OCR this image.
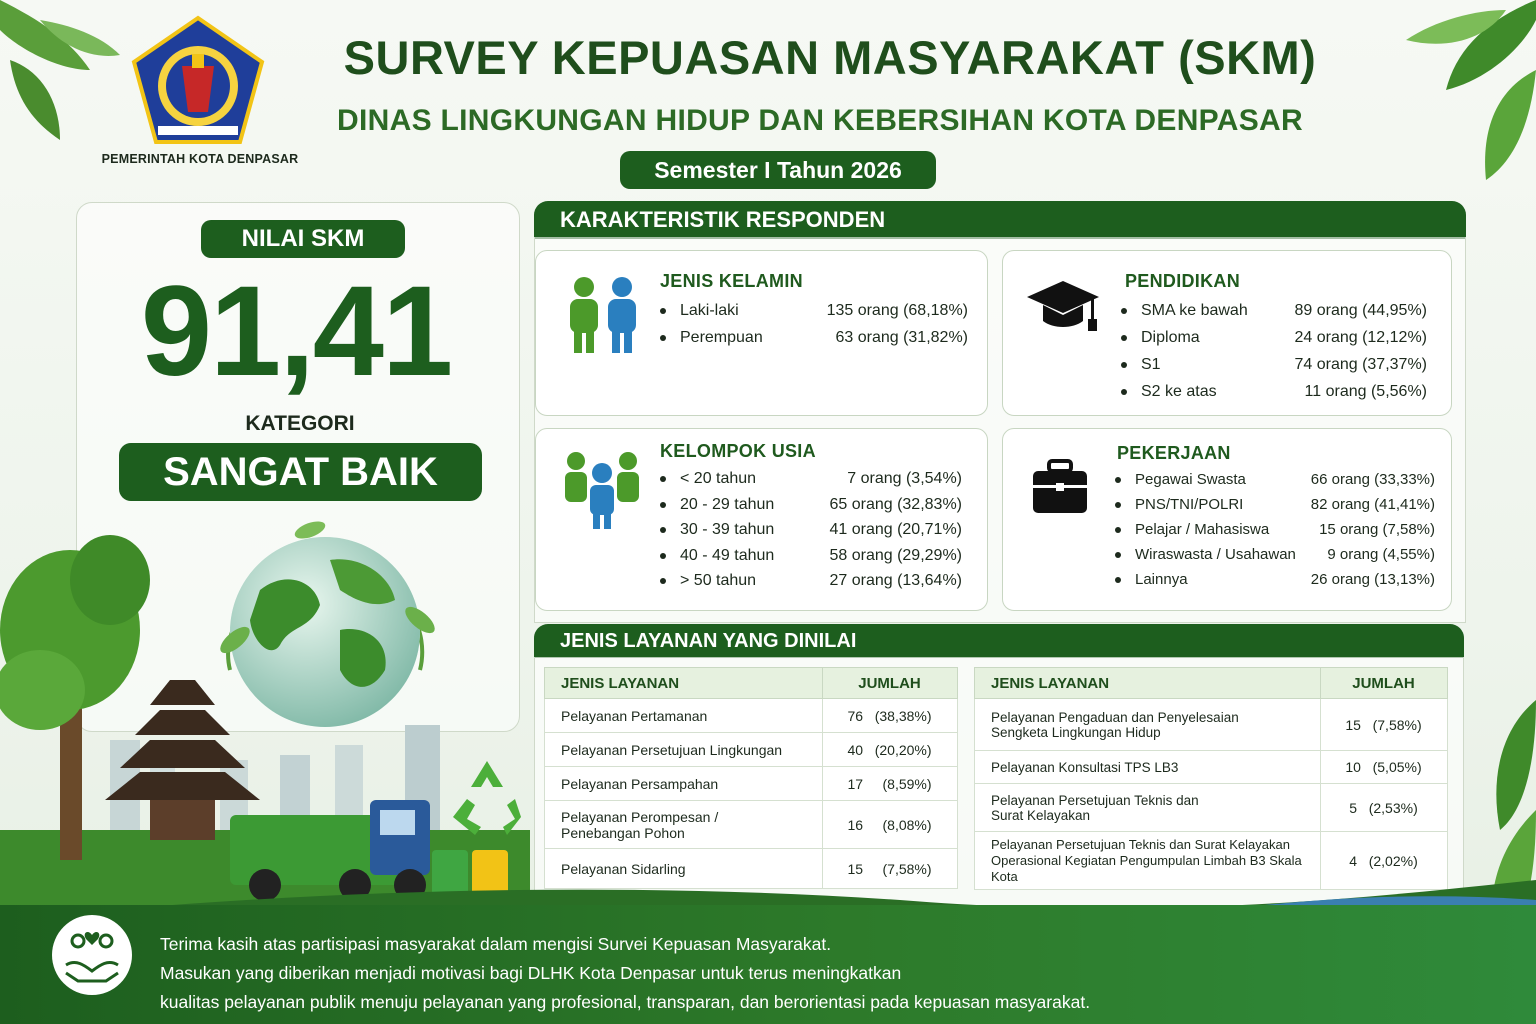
PEMERINTAH KOTA DENPASAR
SURVEY KEPUASAN MASYARAKAT (SKM)
DINAS LINGKUNGAN HIDUP DAN KEBERSIHAN KOTA DENPASAR
Semester I Tahun 2026
NILAI SKM
91,41
KATEGORI
SANGAT BAIK
KARAKTERISTIK RESPONDEN
JENIS KELAMIN
Laki-laki	135 orang (68,18%)
Perempuan	63 orang (31,82%)
PENDIDIKAN
SMA ke bawah	89 orang (44,95%)
Diploma	24 orang (12,12%)
S1	74 orang (37,37%)
S2 ke atas	11 orang (5,56%)
KELOMPOK USIA
< 20 tahun	7 orang (3,54%)
20 - 29 tahun	65 orang (32,83%)
30 - 39 tahun	41 orang (20,71%)
40 - 49 tahun	58 orang (29,29%)
> 50 tahun	27 orang (13,64%)
PEKERJAAN
Pegawai Swasta	66 orang (33,33%)
PNS/TNI/POLRI	82 orang (41,41%)
Pelajar / Mahasiswa	15 orang (7,58%)
Wiraswasta / Usahawan 9 orang (4,55%)
Lainnya	26 orang (13,13%)
JENIS LAYANAN YANG DINILAI
JENIS LAYANAN	JUMLAH
Pelayanan Pertamanan	76   (38,38%)
Pelayanan Persetujuan Lingkungan	40   (20,20%)
Pelayanan Persampahan	17     (8,59%)
Pelayanan Perompesan / Penebangan Pohon	16     (8,08%)
Pelayanan Sidarling	15     (7,58%)
JENIS LAYANAN	JUMLAH
Pelayanan Pengaduan dan Penyelesaian Sengketa Lingkungan Hidup	15   (7,58%)
Pelayanan Konsultasi TPS LB3	10   (5,05%)
Pelayanan Persetujuan Teknis dan Surat Kelayakan	5   (2,53%)
Pelayanan Persetujuan Teknis dan Surat Kelayakan Operasional Kegiatan Pengumpulan Limbah B3 Skala Kota	4   (2,02%)
Terima kasih atas partisipasi masyarakat dalam mengisi Survei Kepuasan Masyarakat.
Masukan yang diberikan menjadi motivasi bagi DLHK Kota Denpasar untuk terus meningkatkan
kualitas pelayanan publik menuju pelayanan yang profesional, transparan, dan berorientasi pada kepuasan masyarakat.
